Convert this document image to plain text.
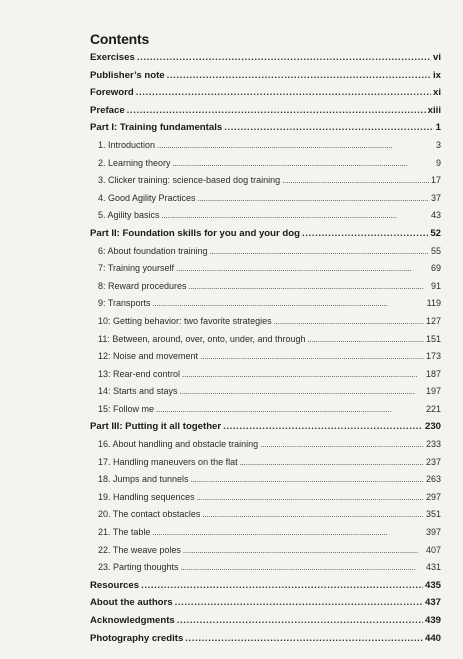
Contents
Exercises .....	vi
Publisher’s note .....	ix
Foreword .....	xi
Preface .....	xiii
Part I: Training fundamentals .....	1
1. Introduction . . .	3
2. Learning theory . . .	9
3. Clicker training: science-based dog training . . .	17
4. Good Agility Practices . . .	37
5. Agility basics . . .	43
Part II: Foundation skills for you and your dog .....	52
6: About foundation training . . .	55
7: Training yourself . . .	69
8: Reward procedures . . .	91
9: Transports . . .	119
10: Getting behavior: two favorite strategies . . .	127
11: Between, around, over, onto, under, and through . . .	151
12: Noise and movement . . .	173
13: Rear-end control . . .	187
14: Starts and stays . . .	197
15: Follow me . . .	221
Part III: Putting it all together .....	230
16. About handling and obstacle training . . .	233
17. Handling maneuvers on the flat . . .	237
18. Jumps and tunnels . . .	263
19. Handling sequences . . .	297
20. The contact obstacles . . .	351
21. The table . . .	397
22. The weave poles . . .	407
23. Parting thoughts . . .	431
Resources .....	435
About the authors .....	437
Acknowledgments .....	439
Photography credits .....	440
